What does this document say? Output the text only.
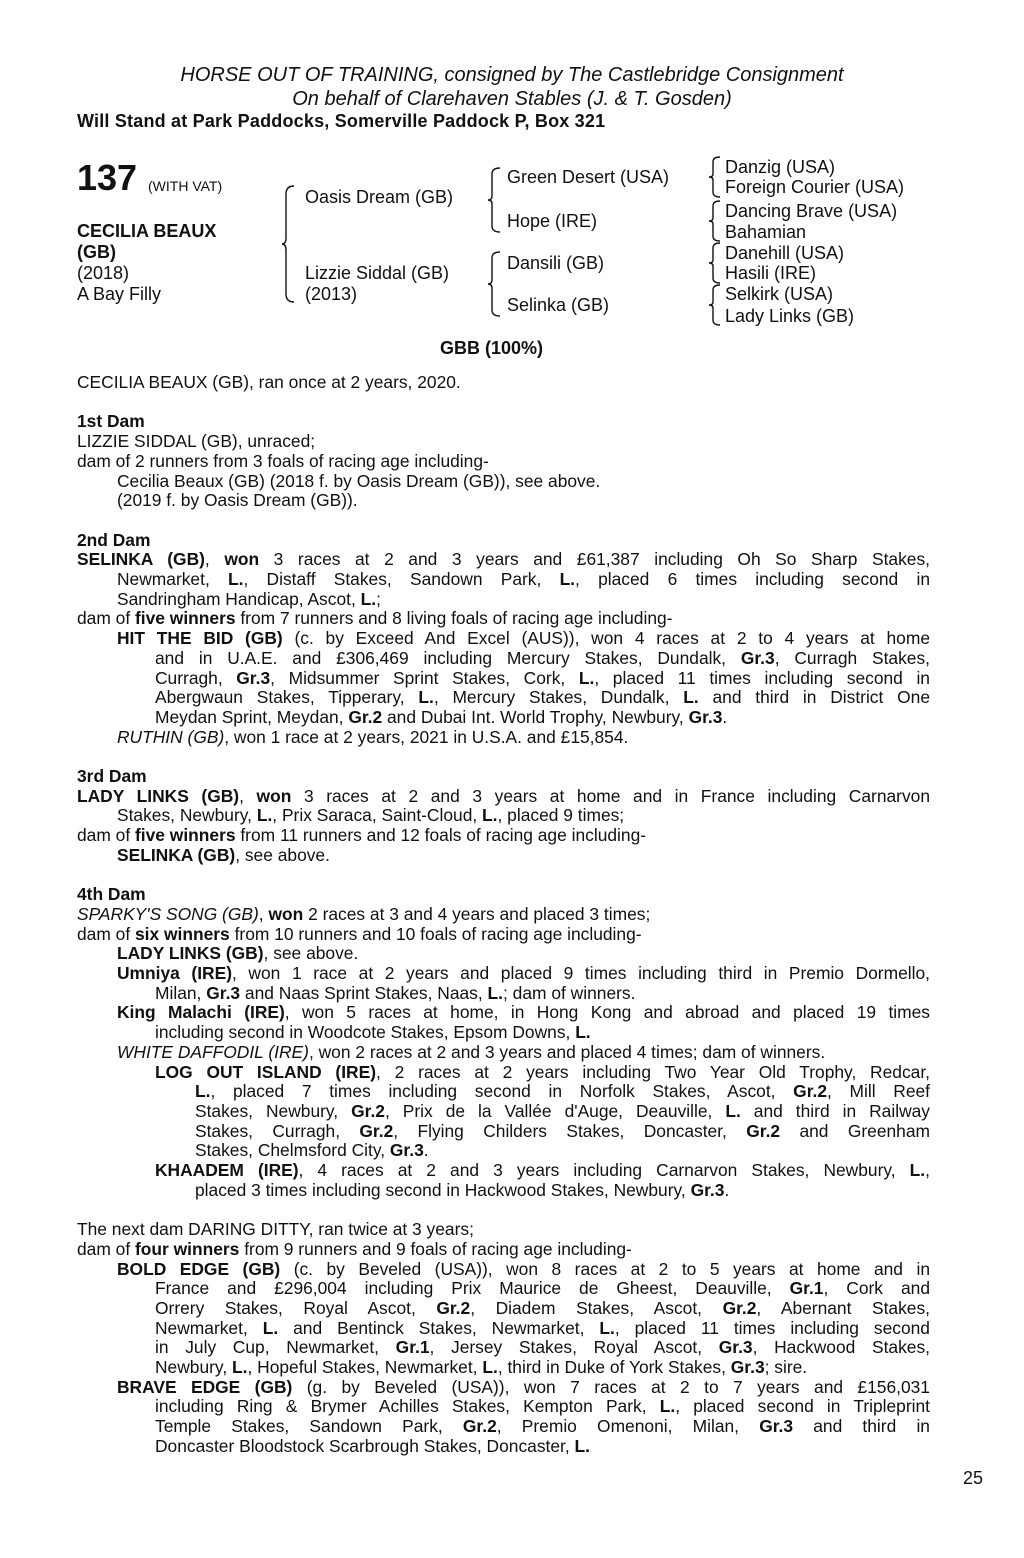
HORSE OUT OF TRAINING, consigned by The Castlebridge Consignment
On behalf of Clarehaven Stables (J. & T. Gosden)
Will Stand at Park Paddocks, Somerville Paddock P, Box 321
137 (WITH VAT)
CECILIA BEAUX
(GB)
(2018)
A Bay Filly
Oasis Dream (GB)
Lizzie Siddal (GB)
(2013)
Green Desert (USA)
Hope (IRE)
Dansili (GB)
Selinka (GB)
Danzig (USA)
Foreign Courier (USA)
Dancing Brave (USA)
Bahamian
Danehill (USA)
Hasili (IRE)
Selkirk (USA)
Lady Links (GB)
GBB (100%)
CECILIA BEAUX (GB), ran once at 2 years, 2020.
1st Dam
LIZZIE SIDDAL (GB), unraced;
dam of 2 runners from 3 foals of racing age including-
Cecilia Beaux (GB) (2018 f. by Oasis Dream (GB)), see above.
(2019 f. by Oasis Dream (GB)).
2nd Dam
SELINKA (GB), won 3 races at 2 and 3 years and £61,387 including Oh So Sharp Stakes,
Newmarket, L., Distaff Stakes, Sandown Park, L., placed 6 times including second in
Sandringham Handicap, Ascot, L.;
dam of five winners from 7 runners and 8 living foals of racing age including-
HIT THE BID (GB) (c. by Exceed And Excel (AUS)), won 4 races at 2 to 4 years at home
and in U.A.E. and £306,469 including Mercury Stakes, Dundalk, Gr.3, Curragh Stakes,
Curragh, Gr.3, Midsummer Sprint Stakes, Cork, L., placed 11 times including second in
Abergwaun Stakes, Tipperary, L., Mercury Stakes, Dundalk, L. and third in District One
Meydan Sprint, Meydan, Gr.2 and Dubai Int. World Trophy, Newbury, Gr.3.
RUTHIN (GB), won 1 race at 2 years, 2021 in U.S.A. and £15,854.
3rd Dam
LADY LINKS (GB), won 3 races at 2 and 3 years at home and in France including Carnarvon
Stakes, Newbury, L., Prix Saraca, Saint-Cloud, L., placed 9 times;
dam of five winners from 11 runners and 12 foals of racing age including-
SELINKA (GB), see above.
4th Dam
SPARKY'S SONG (GB), won 2 races at 3 and 4 years and placed 3 times;
dam of six winners from 10 runners and 10 foals of racing age including-
LADY LINKS (GB), see above.
Umniya (IRE), won 1 race at 2 years and placed 9 times including third in Premio Dormello,
Milan, Gr.3 and Naas Sprint Stakes, Naas, L.; dam of winners.
King Malachi (IRE), won 5 races at home, in Hong Kong and abroad and placed 19 times
including second in Woodcote Stakes, Epsom Downs, L.
WHITE DAFFODIL (IRE), won 2 races at 2 and 3 years and placed 4 times; dam of winners.
LOG OUT ISLAND (IRE), 2 races at 2 years including Two Year Old Trophy, Redcar,
L., placed 7 times including second in Norfolk Stakes, Ascot, Gr.2, Mill Reef
Stakes, Newbury, Gr.2, Prix de la Vallée d'Auge, Deauville, L. and third in Railway
Stakes, Curragh, Gr.2, Flying Childers Stakes, Doncaster, Gr.2 and Greenham
Stakes, Chelmsford City, Gr.3.
KHAADEM (IRE), 4 races at 2 and 3 years including Carnarvon Stakes, Newbury, L.,
placed 3 times including second in Hackwood Stakes, Newbury, Gr.3.
The next dam DARING DITTY, ran twice at 3 years;
dam of four winners from 9 runners and 9 foals of racing age including-
BOLD EDGE (GB) (c. by Beveled (USA)), won 8 races at 2 to 5 years at home and in
France and £296,004 including Prix Maurice de Gheest, Deauville, Gr.1, Cork and
Orrery Stakes, Royal Ascot, Gr.2, Diadem Stakes, Ascot, Gr.2, Abernant Stakes,
Newmarket, L. and Bentinck Stakes, Newmarket, L., placed 11 times including second
in July Cup, Newmarket, Gr.1, Jersey Stakes, Royal Ascot, Gr.3, Hackwood Stakes,
Newbury, L., Hopeful Stakes, Newmarket, L., third in Duke of York Stakes, Gr.3; sire.
BRAVE EDGE (GB) (g. by Beveled (USA)), won 7 races at 2 to 7 years and £156,031
including Ring & Brymer Achilles Stakes, Kempton Park, L., placed second in Tripleprint
Temple Stakes, Sandown Park, Gr.2, Premio Omenoni, Milan, Gr.3 and third in
Doncaster Bloodstock Scarbrough Stakes, Doncaster, L.
25
